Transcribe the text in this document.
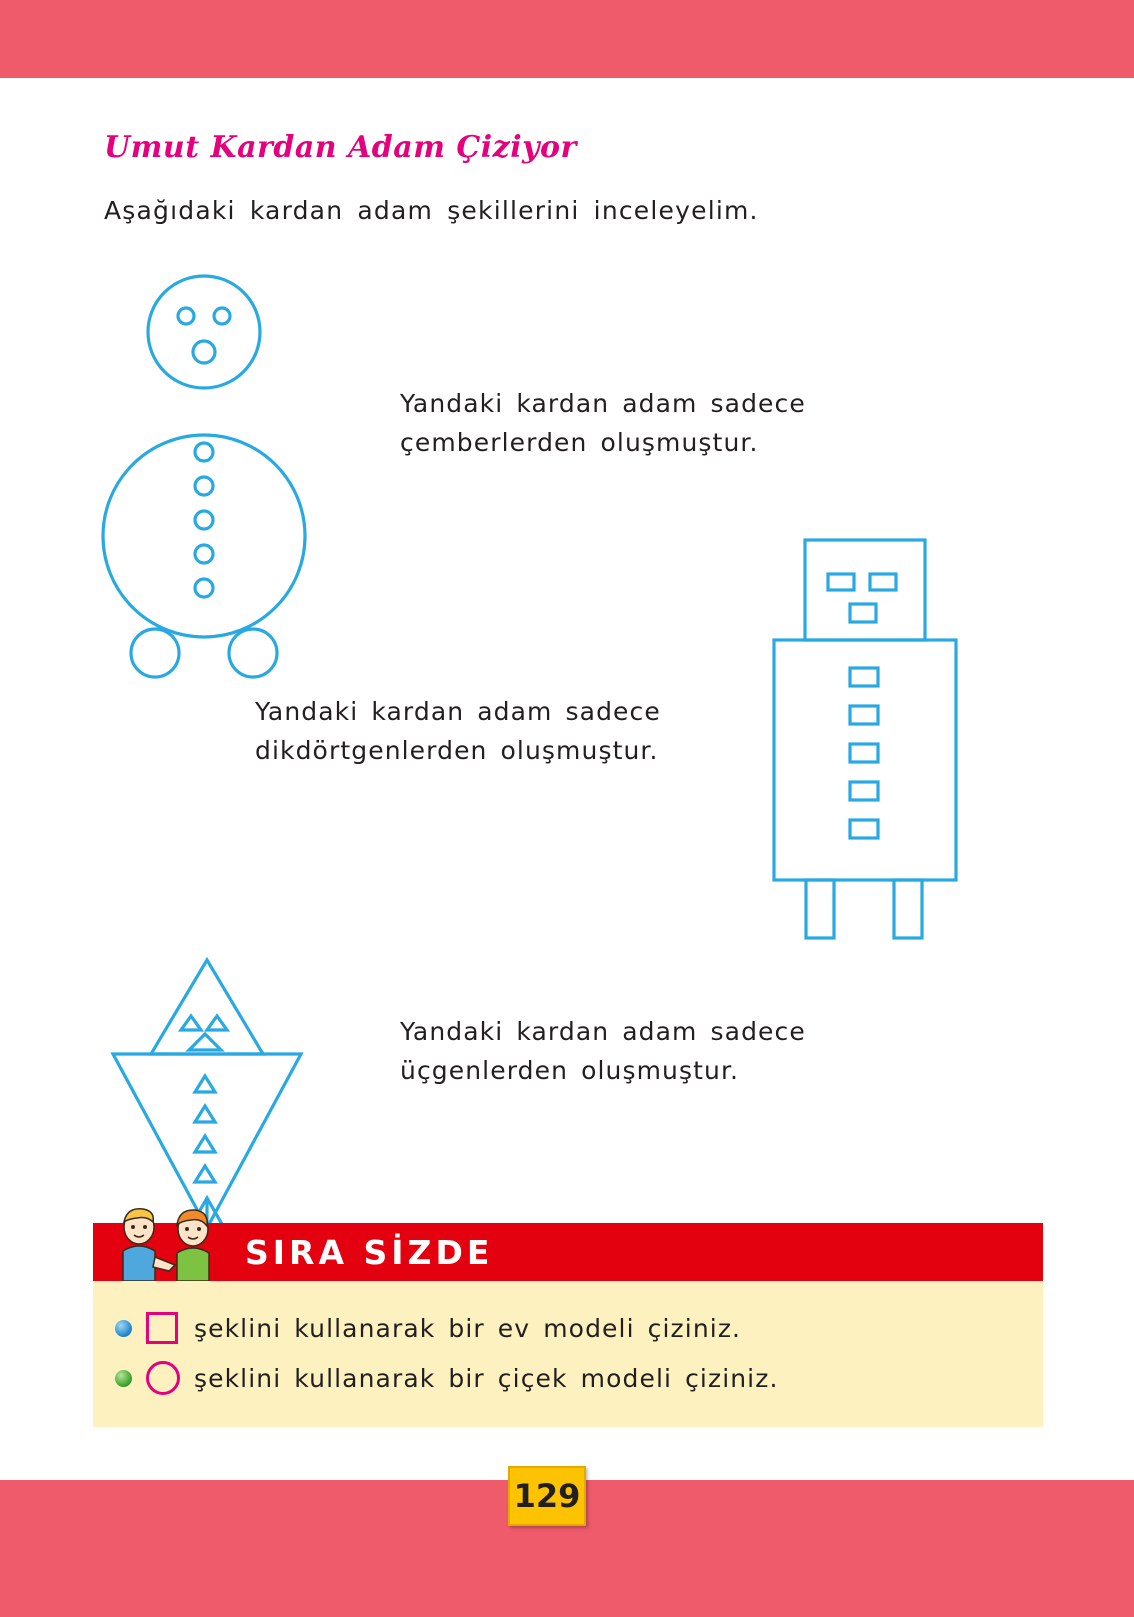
Umut Kardan Adam Çiziyor
Aşağıdaki kardan adam şekillerini inceleyelim.
Yandaki kardan adam sadece çemberlerden oluşmuştur.
Yandaki kardan adam sadece dikdörtgenlerden oluşmuştur.
Yandaki kardan adam sadece üçgenlerden oluşmuştur.
SIRA SİZDE
şeklini kullanarak bir ev modeli çiziniz.
şeklini kullanarak bir çiçek modeli çiziniz.
129
